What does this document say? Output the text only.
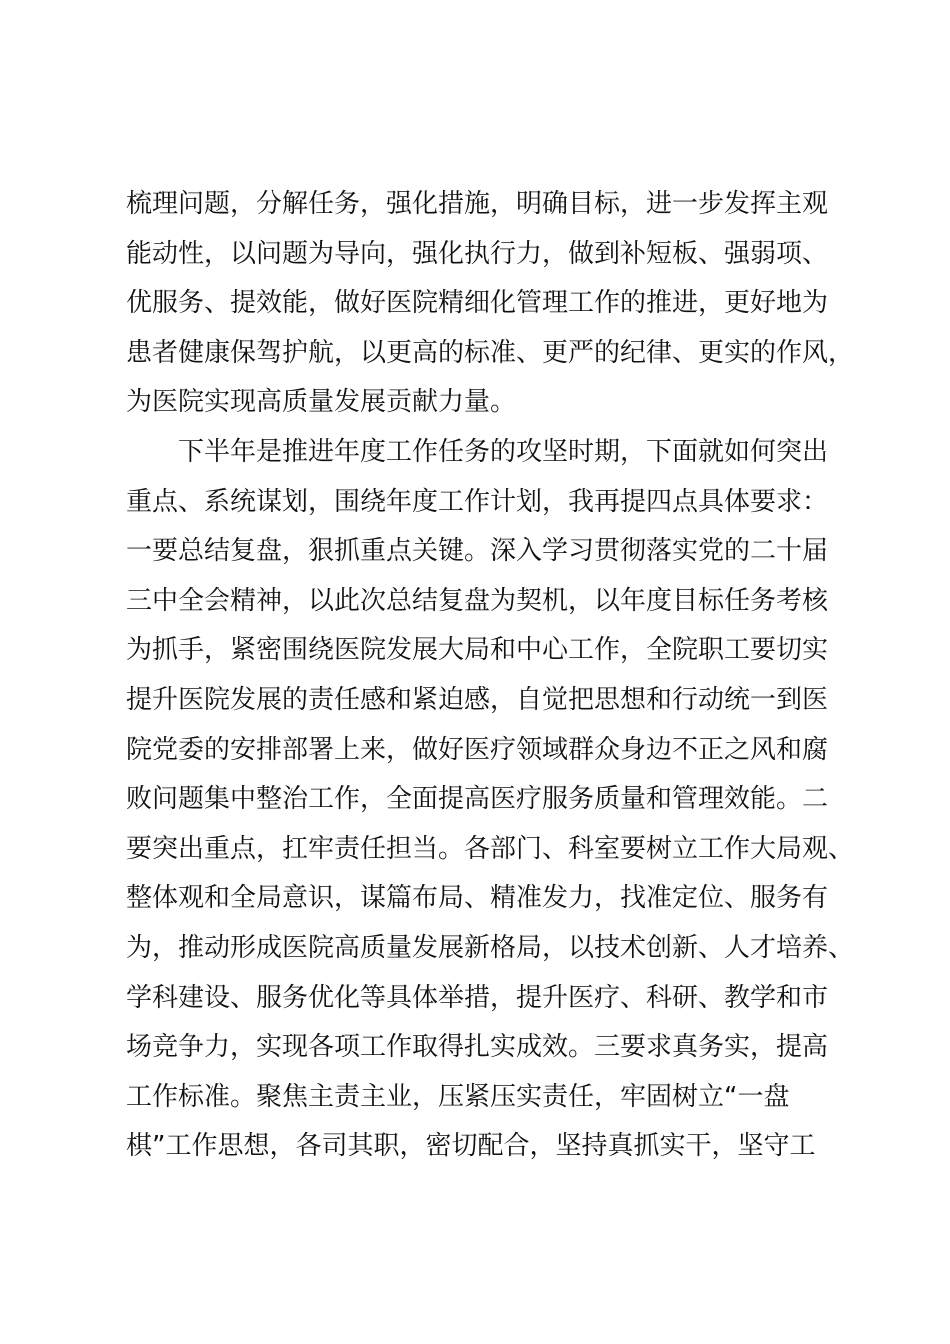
梳理问题，分解任务，强化措施，明确目标，进一步发挥主观
能动性，以问题为导向，强化执行力，做到补短板、强弱项、
优服务、提效能，做好医院精细化管理工作的推进，更好地为
患者健康保驾护航，以更高的标准、更严的纪律、更实的作风，
为医院实现高质量发展贡献力量。
下半年是推进年度工作任务的攻坚时期，下面就如何突出
重点、系统谋划，围绕年度工作计划，我再提四点具体要求：
一要总结复盘，狠抓重点关键。深入学习贯彻落实党的二十届
三中全会精神，以此次总结复盘为契机，以年度目标任务考核
为抓手，紧密围绕医院发展大局和中心工作，全院职工要切实
提升医院发展的责任感和紧迫感，自觉把思想和行动统一到医
院党委的安排部署上来，做好医疗领域群众身边不正之风和腐
败问题集中整治工作，全面提高医疗服务质量和管理效能。二
要突出重点，扛牢责任担当。各部门、科室要树立工作大局观、
整体观和全局意识，谋篇布局、精准发力，找准定位、服务有
为，推动形成医院高质量发展新格局，以技术创新、人才培养、
学科建设、服务优化等具体举措，提升医疗、科研、教学和市
场竞争力，实现各项工作取得扎实成效。三要求真务实，提高
工作标准。聚焦主责主业，压紧压实责任，牢固树立“一盘
棋”工作思想，各司其职，密切配合，坚持真抓实干，坚守工
